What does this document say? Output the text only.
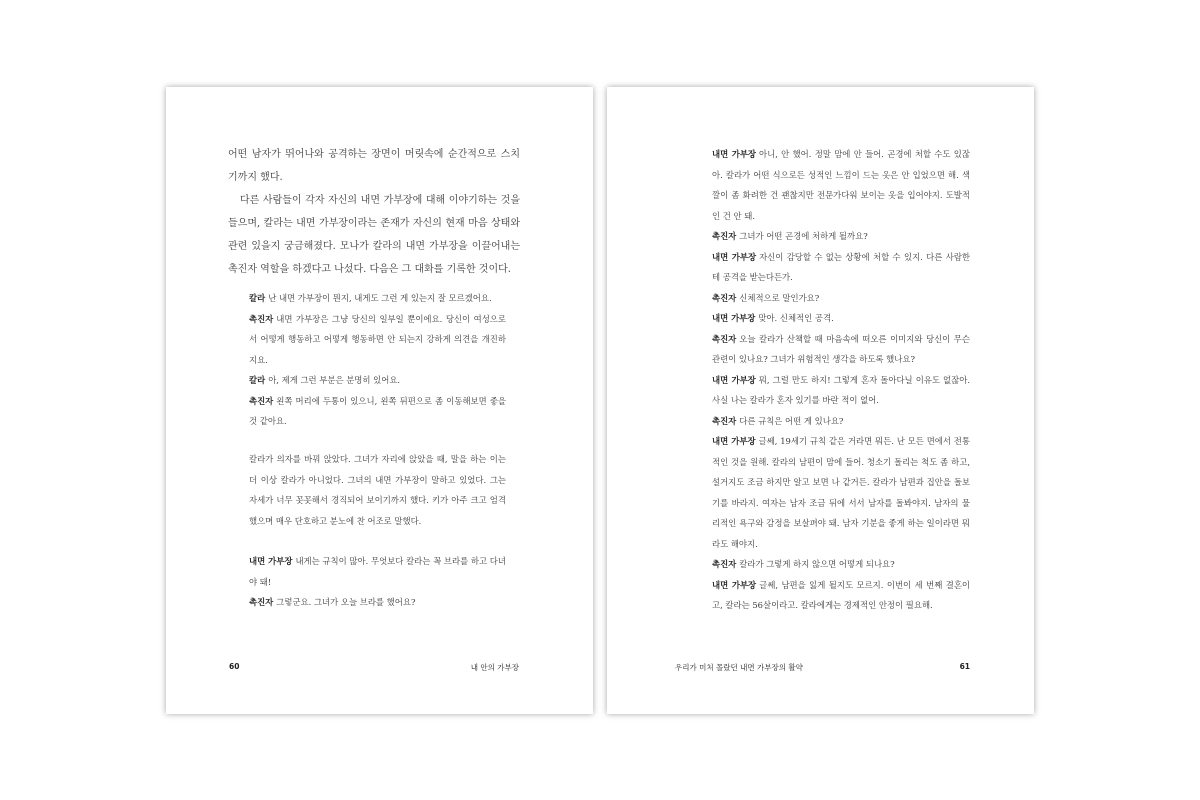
어떤 남자가 뛰어나와 공격하는 장면이 머릿속에 순간적으로 스치기까지 했다.

다른 사람들이 각자 자신의 내면 가부장에 대해 이야기하는 것을 들으며, 칼라는 내면 가부장이라는 존재가 자신의 현재 마음 상태와 관련 있을지 궁금해졌다. 모나가 칼라의 내면 가부장을 이끌어내는 촉진자 역할을 하겠다고 나섰다. 다음은 그 대화를 기록한 것이다.

칼라 난 내면 가부장이 뭔지, 내게도 그런 게 있는지 잘 모르겠어요.

촉진자 내면 가부장은 그냥 당신의 일부일 뿐이에요. 당신이 여성으로서 어떻게 행동하고 어떻게 행동하면 안 되는지 강하게 의견을 개진하지요.

칼라 아, 제게 그런 부분은 분명히 있어요.

촉진자 왼쪽 머리에 두통이 있으니, 왼쪽 뒤편으로 좀 이동해보면 좋을 것 같아요.

칼라가 의자를 바꿔 앉았다. 그녀가 자리에 앉았을 때, 말을 하는 이는 더 이상 칼라가 아니었다. 그녀의 내면 가부장이 말하고 있었다. 그는 자세가 너무 꼿꼿해서 경직되어 보이기까지 했다. 키가 아주 크고 엄격했으며 매우 단호하고 분노에 찬 어조로 말했다.

내면 가부장 내게는 규칙이 많아. 무엇보다 칼라는 꼭 브라를 하고 다녀야 돼!

촉진자 그렇군요. 그녀가 오늘 브라를 했어요?

60	내 안의 가부장

내면 가부장 아니, 안 했어. 정말 맘에 안 들어. 곤경에 처할 수도 있잖아. 칼라가 어떤 식으로든 성적인 느낌이 드는 옷은 안 입었으면 해. 색깔이 좀 화려한 건 괜찮지만 전문가다워 보이는 옷을 입어야지. 도발적인 건 안 돼.

촉진자 그녀가 어떤 곤경에 처하게 될까요?

내면 가부장 자신이 감당할 수 없는 상황에 처할 수 있지. 다른 사람한테 공격을 받는다든가.

촉진자 신체적으로 말인가요?

내면 가부장 맞아. 신체적인 공격.

촉진자 오늘 칼라가 산책할 때 마음속에 떠오른 이미지와 당신이 무슨 관련이 있나요? 그녀가 위험적인 생각을 하도록 했나요?

내면 가부장 뭐, 그럴 만도 하지! 그렇게 혼자 돌아다닐 이유도 없잖아. 사실 나는 칼라가 혼자 있기를 바란 적이 없어.

촉진자 다른 규칙은 어떤 게 있나요?

내면 가부장 글쎄, 19세기 규칙 같은 거라면 뭐든. 난 모든 면에서 전통적인 것을 원해. 칼라의 남편이 맘에 들어. 청소기 돌리는 척도 좀 하고, 설거지도 조금 하지만 알고 보면 나 같거든. 칼라가 남편과 집안을 돌보기를 바라지. 여자는 남자 조금 뒤에 서서 남자를 돌봐야지. 남자의 물리적인 욕구와 감정을 보살펴야 돼. 남자 기분을 좋게 하는 일이라면 뭐라도 해야지.

촉진자 칼라가 그렇게 하지 않으면 어떻게 되나요?

내면 가부장 글쎄, 남편을 잃게 될지도 모르지. 이번이 세 번째 결혼이고, 칼라는 56살이라고. 칼라에게는 경제적인 안정이 필요해.

우리가 미처 몰랐던 내면 가부장의 활약	61
